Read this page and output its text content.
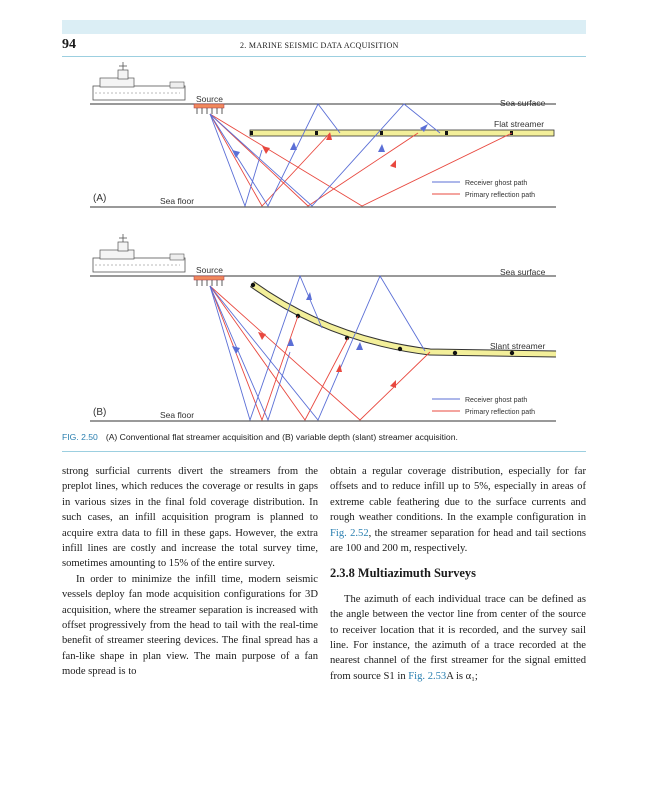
94	2. MARINE SEISMIC DATA ACQUISITION
Source	Sea surface
Flat streamer
(A)	Sea floor
Receiver ghost path
Primary reflection path
Source	Sea surface
Slant streamer
(B)	Sea floor
Receiver ghost path
Primary reflection path
FIG. 2.50 (A) Conventional flat streamer acquisition and (B) variable depth (slant) streamer acquisition.

strong surficial currents divert the streamers from the preplot lines, which reduces the coverage or results in gaps in various sizes in the final fold coverage distribution. In such cases, an infill acquisition program is planned to acquire extra data to fill in these gaps. However, the extra infill lines are costly and increase the total survey time, sometimes amounting to 15% of the entire survey.

In order to minimize the infill time, modern seismic vessels deploy fan mode acquisition configurations for 3D acquisition, where the streamer separation is increased with offset progressively from the head to tail with the real-time benefit of streamer steering devices. The final spread has a fan-like shape in plan view. The main purpose of a fan mode spread is to

obtain a regular coverage distribution, especially for far offsets and to reduce infill up to 5%, especially in areas of extreme cable feathering due to the surface currents and rough weather conditions. In the example configuration in Fig. 2.52, the streamer separation for head and tail sections are 100 and 200 m, respectively.

2.3.8 Multiazimuth Surveys

The azimuth of each individual trace can be defined as the angle between the vector line from center of the source to receiver location that it is recorded, and the survey sail line. For instance, the azimuth of a trace recorded at the nearest channel of the first streamer for the signal emitted from source S1 in Fig. 2.53A is α₁;
